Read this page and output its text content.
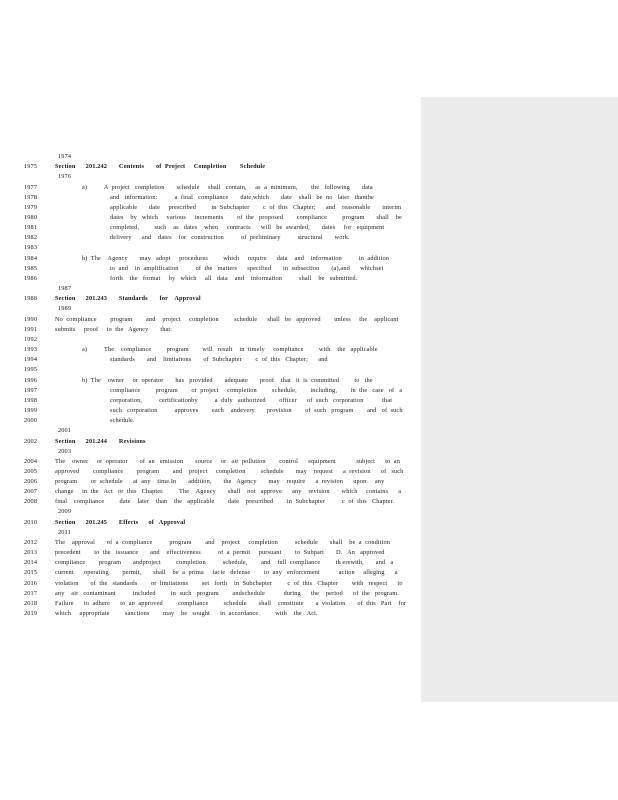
1974
1975	Section      201.242       Contents       of  Project     Completion        Schedule
1976
1977	a)          A  project   completion       schedule     shall   contain,     as  a  minimum,        the   following       data
1978	and   information:          a  final   compliance       date,which       date    shall   be  no   later   thanthe
1979	applicable       date     prescribed         in  Subchapter        c  of  this   Chapter;      and    reasonable       interim
1980	dates    by   which     various     increments        of  the   proposed        compliance         program       shall    be
1981	completed,         such    as   dates    when     contracts      will   be  awarded,       dates     for   equipment
1982	delivery      and    dates    for   construction          of  preliminary          structural       work.
1983
1984	b)  The    Agency       may   adopt     procedures         which     require      data    and    information          in  addition
1985	to  and    in  amplification          of  the   matters      specified       in  subsection       (a),and      whichset
1986	forth    the   format     by   which     all   data    and    information          shall    be   submitted.
1987
1988	Section      201.243       Standards       for    Approval
1989
1990	No  compliance        program        and    project     completion         schedule      shall   be   approved        unless     the    applicant
1991	submits     proof     to  the   Agency       that:
1992
1993	a)          The    compliance         program        will   result    in  timely     compliance         with    the   applicable
1994	standards       and    limitations       of  Subchapter        c  of  this   Chapter;      and
1995
1996	b)  The    owner     or  operator       has   provided       adequate       proof    that   it  is  committed         to   the
1997	compliance         program        or  project     completion         schedule,        including,        in  the   case   of   a
1998	corporation,          certificationby          a  duly   authorized        officer      of  such   corporation           that
1999	such   corporation          approves        each    andevery       provision        of  such   program        and   of  such
2000	schedule.
2001
2002	Section      201.244       Revisions
2003
2004	The    owner     or  operator       of  an   emission       source     or   air  pollution        control      equipment            subject      to  an
2005	approved        compliance        program        and    project     completion         schedule       may    request      a  revision      of   such
2006	program        or  schedule      at  any    time.In       addition,       the   Agency       may    require      a  revision      upon     any
2007	change     in  the   Act   or  this   Chapter.         The    Agency       shall    not   approve      any    revision       which     contains      a
2008	final    compliance         date    later    than    the   applicable        date    prescribed        in  Subchapter          c  of  this   Chapter.
2009
2010	Section      201.245       Effects      of   Approval
2011
2012	The    approval       of  a  compliance          program        and    project     completion          schedule       shall    be  a  condition
2013	precedent        to  the   issuance       and    effectiveness          of  a  permit     pursuant        to  Subpart       D.   An   approved
2014	compliance        program       andproject         completion          schedule,        and    full  compliance         th erewith,       and   a
2015	current      operating        permit,       shall    be  a  prima     facie   defense        to  any   enforcement           action     alleging      a
2016	violation       of  the   standards        or  limitations        set   forth    in  Subchapter         c  of  this   Chapter        with   respect      to
2017	any    air   contaminant          included         in  such   program        andschedule           during      the    period      of  the   program.
2018	Failure      to  adhere      to  an  approved         compliance         schedule       shall    constitute       a  violation       of  this   Part    for
2019	which     appropriate         sanctions        may    be   sought      in  accordance          with    the   Act.
